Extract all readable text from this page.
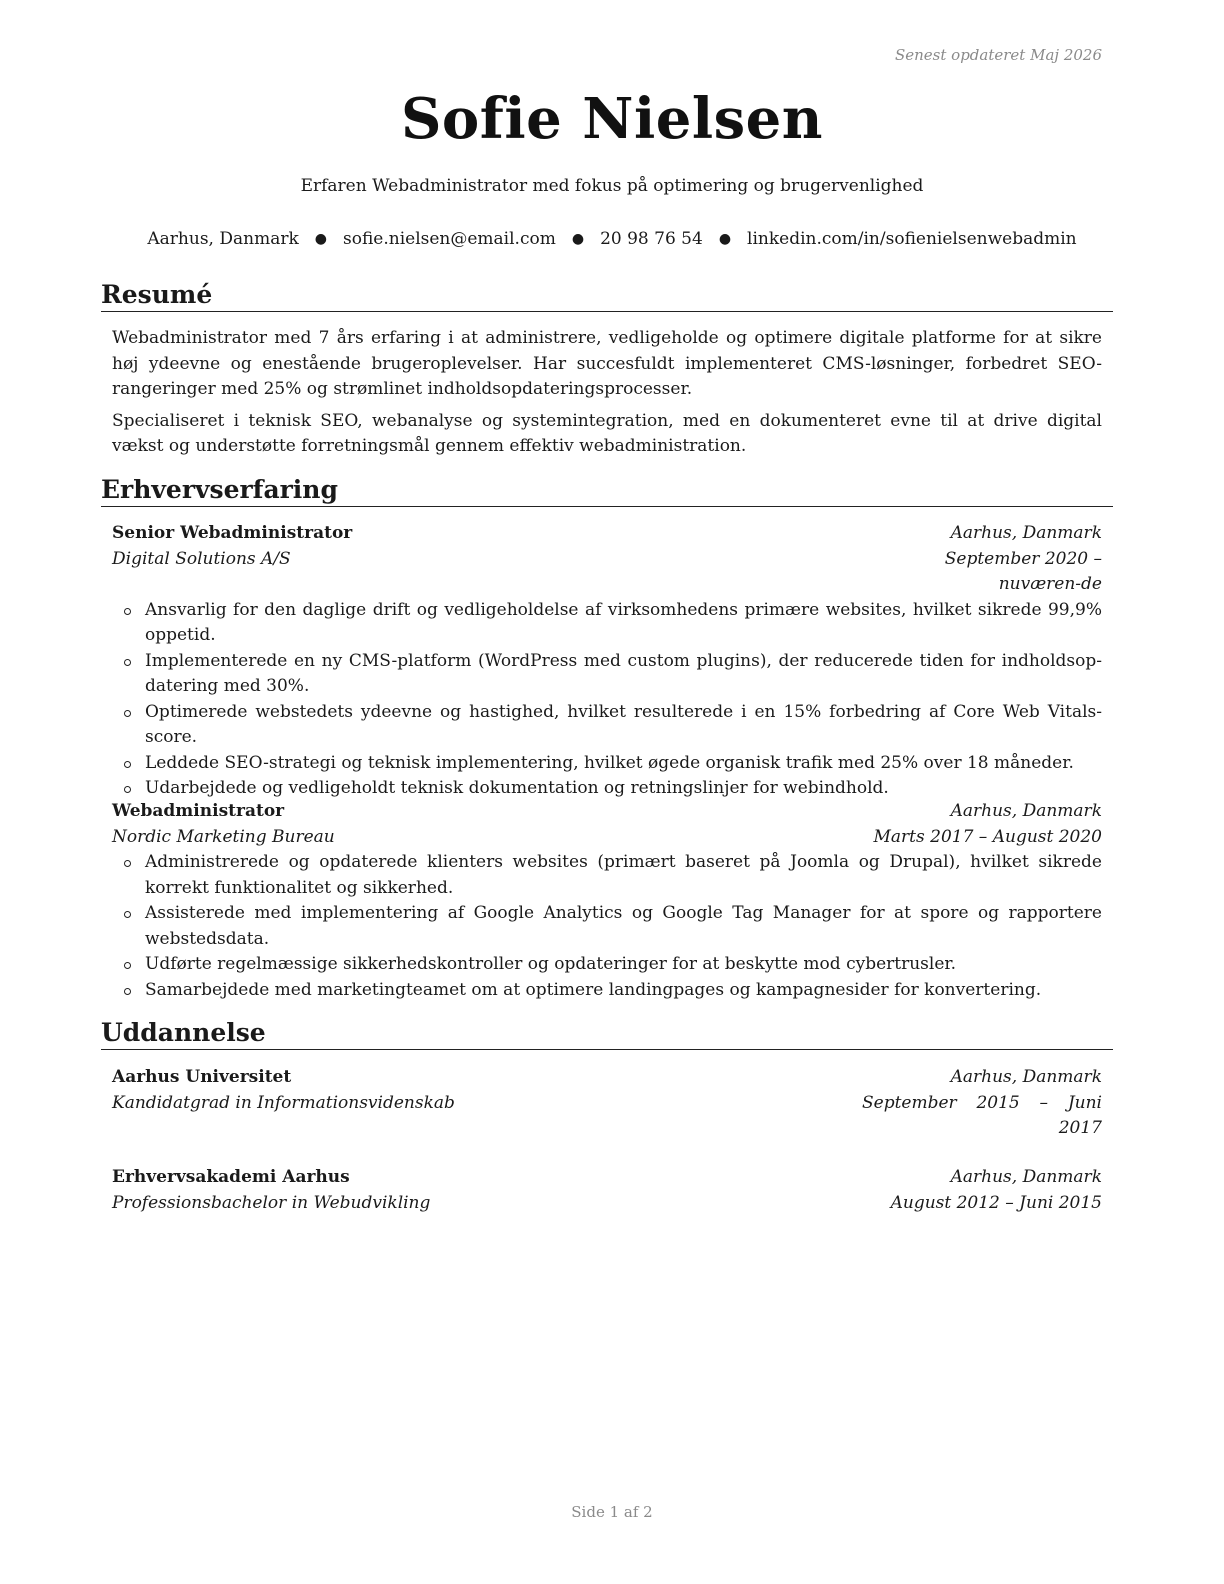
Senest opdateret Maj 2026
Sofie Nielsen
Erfaren Webadministrator med fokus på optimering og brugervenlighed
Aarhus, Danmark ● sofie.nielsen@email.com ● 20 98 76 54 ● linkedin.com/in/sofienielsenwebadmin
Resumé

Webadministrator med 7 års erfaring i at administrere, vedligeholde og optimere digitale platforme for at sikre høj ydeevne og enestående brugeroplevelser. Har succesfuldt implementeret CMS-løsninger, forbedret SEO-rangeringer med 25% og strømlinet indholdsopdateringsprocesser.

Specialiseret i teknisk SEO, webanalyse og systemintegration, med en dokumenteret evne til at drive digital vækst og understøtte forretningsmål gennem effektiv webadministration.

Erhvervserfaring
Senior Webadministrator	Aarhus, Danmark
Digital Solutions A/S	September 2020 – nuværen-de
Ansvarlig for den daglige drift og vedligeholdelse af virksomhedens primære websites, hvilket sikrede 99,9% oppetid.
Implementerede en ny CMS-platform (WordPress med custom plugins), der reducerede tiden for indholdsop-datering med 30%.
Optimerede webstedets ydeevne og hastighed, hvilket resulterede i en 15% forbedring af Core Web Vitals-score.
Leddede SEO-strategi og teknisk implementering, hvilket øgede organisk trafik med 25% over 18 måneder.
Udarbejdede og vedligeholdt teknisk dokumentation og retningslinjer for webindhold.
Webadministrator	Aarhus, Danmark
Nordic Marketing Bureau	Marts 2017 – August 2020
Administrerede og opdaterede klienters websites (primært baseret på Joomla og Drupal), hvilket sikrede korrekt funktionalitet og sikkerhed.
Assisterede med implementering af Google Analytics og Google Tag Manager for at spore og rapportere webstedsdata.
Udførte regelmæssige sikkerhedskontroller og opdateringer for at beskytte mod cybertrusler.
Samarbejdede med marketingteamet om at optimere landingpages og kampagnesider for konvertering.
Uddannelse
Aarhus Universitet	Aarhus, Danmark
Kandidatgrad in Informationsvidenskab	September 2015 – Juni 2017
Erhvervsakademi Aarhus	Aarhus, Danmark
Professionsbachelor in Webudvikling	August 2012 – Juni 2015
Side 1 af 2
